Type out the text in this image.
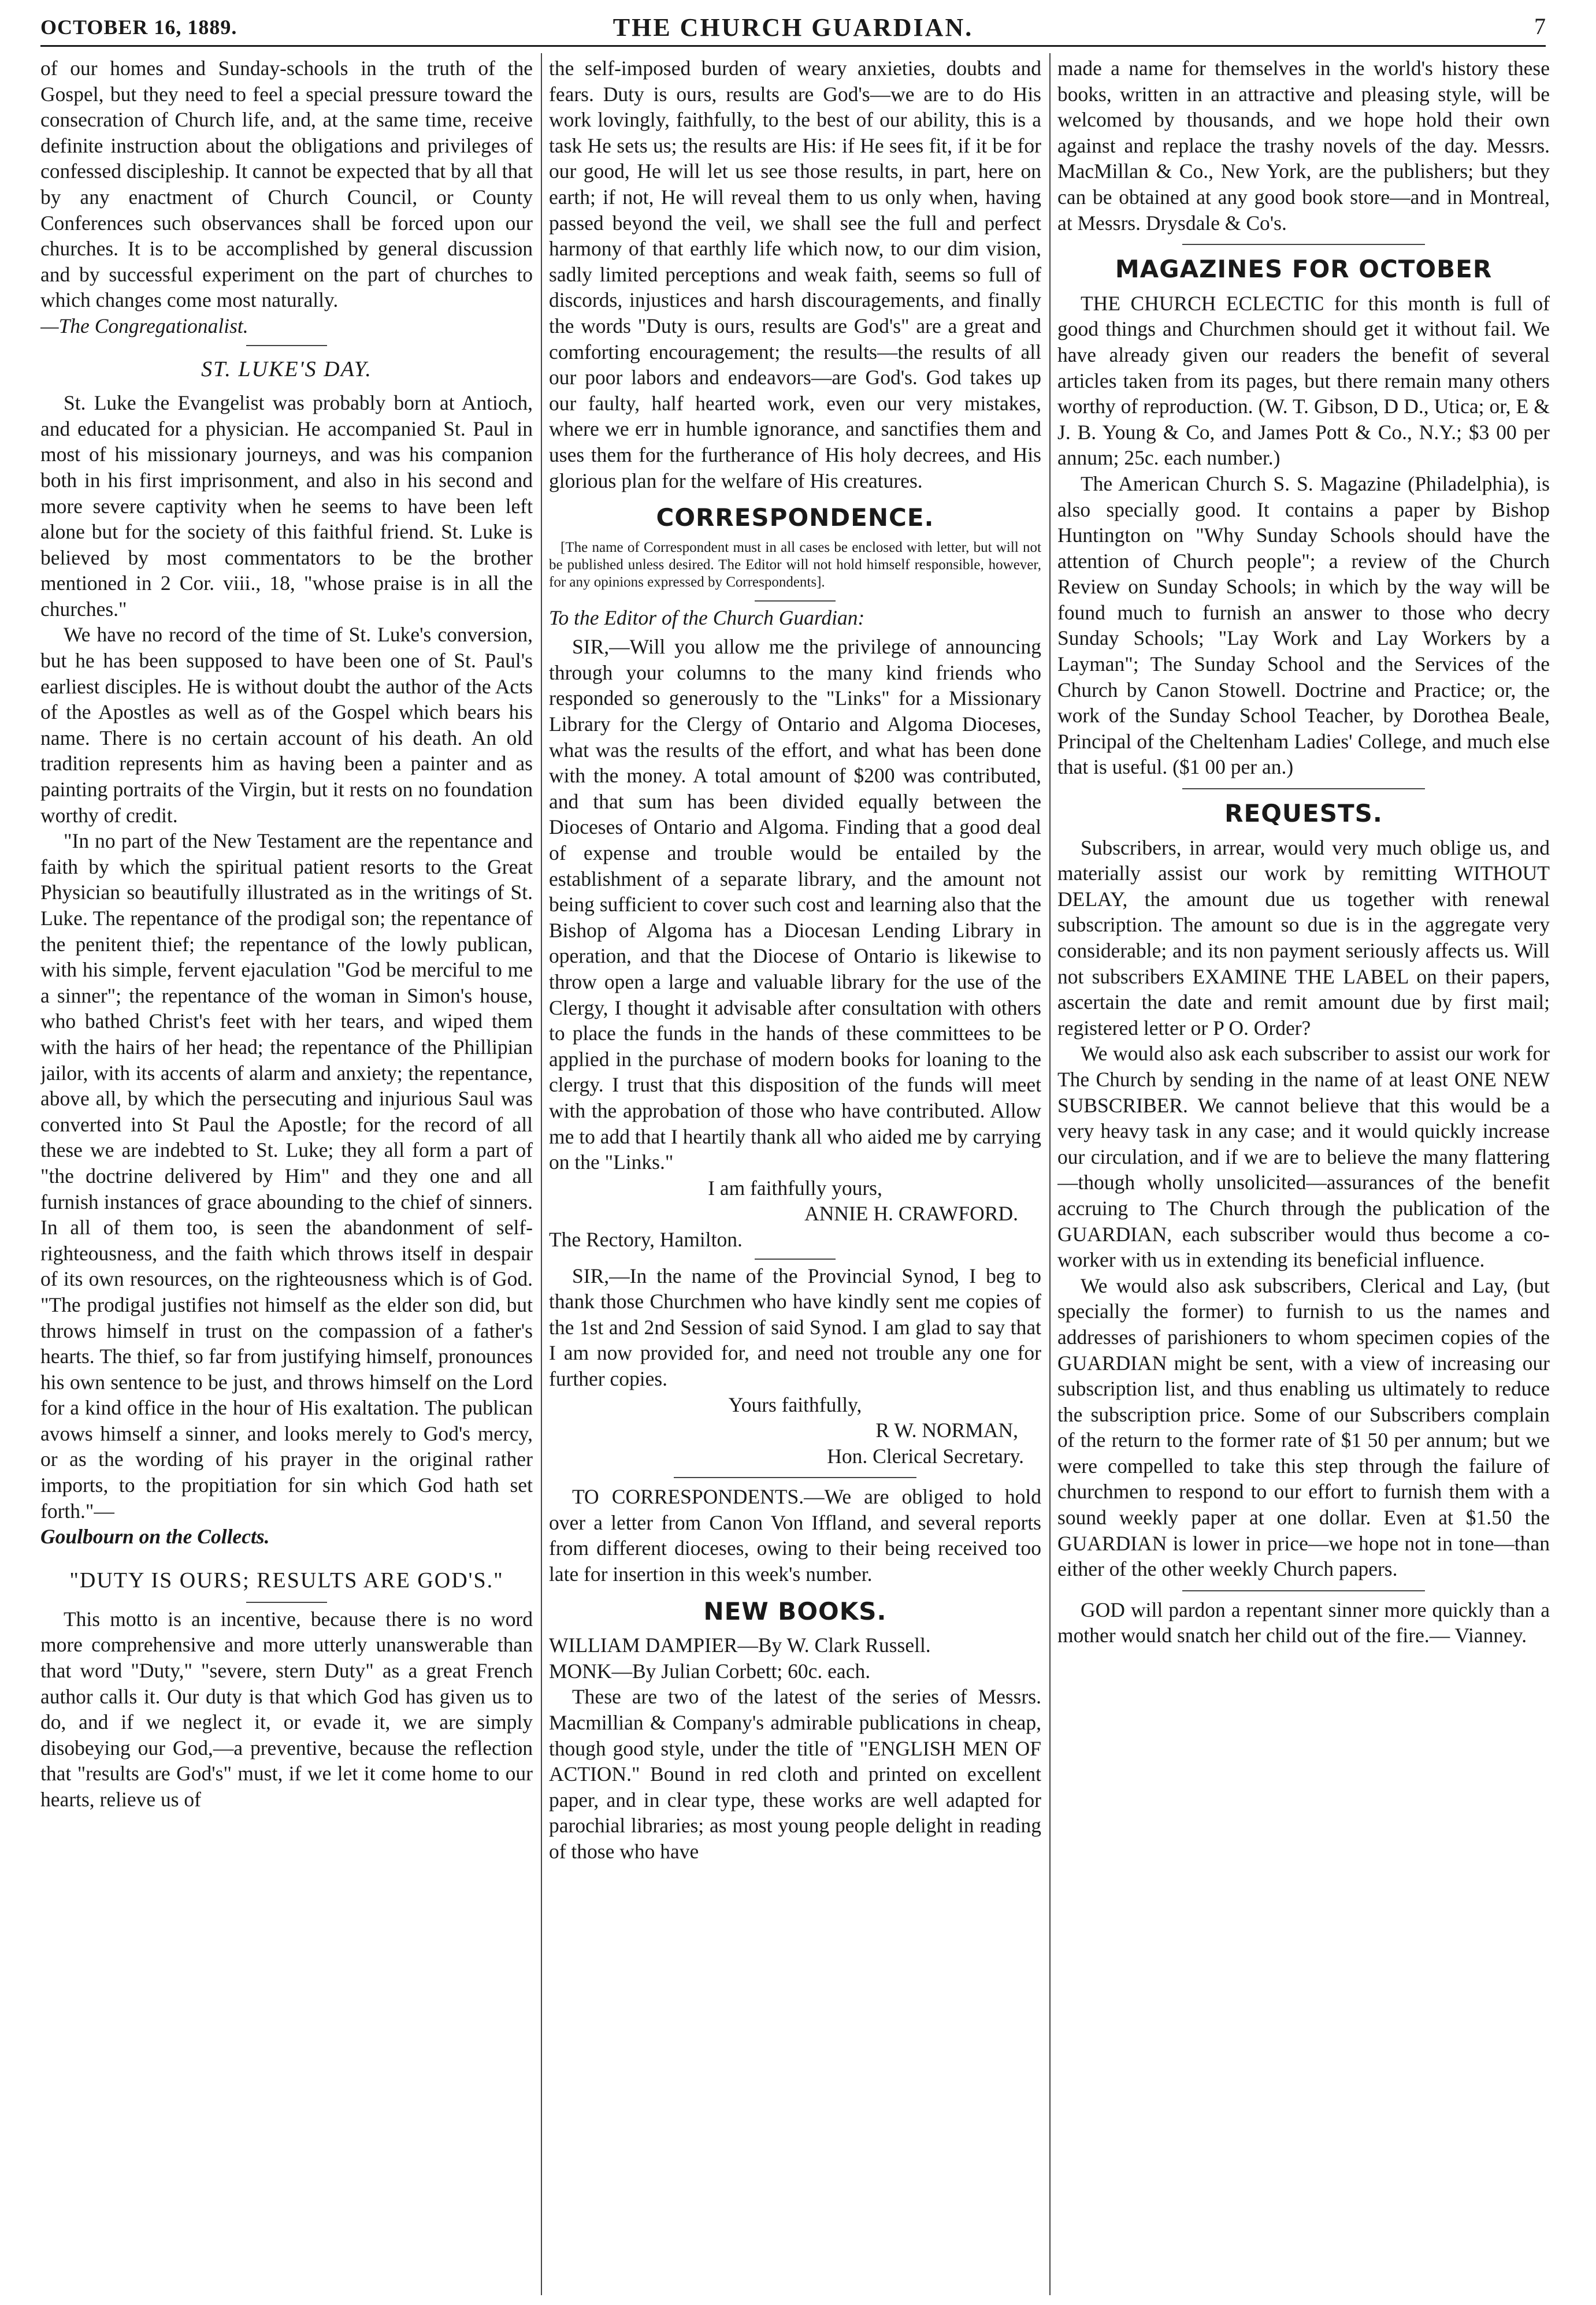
OCTOBER 16, 1889.	THE CHURCH GUARDIAN.	7

of our homes and Sunday-schools in the truth of the Gospel, but they need to feel a special pressure toward the consecration of Church life, and, at the same time, receive definite instruction about the obligations and privileges of confessed discipleship. It cannot be expected that by all that by any enactment of Church Council, or County Conferences such observances shall be forced upon our churches. It is to be accomplished by general discussion and by successful experiment on the part of churches to which changes come most naturally.

—The Congregationalist.

ST. LUKE'S DAY.

St. Luke the Evangelist was probably born at Antioch, and educated for a physician. He accompanied St. Paul in most of his missionary journeys, and was his companion both in his first imprisonment, and also in his second and more severe captivity when he seems to have been left alone but for the society of this faithful friend. St. Luke is believed by most commentators to be the brother mentioned in 2 Cor. viii., 18, "whose praise is in all the churches."

We have no record of the time of St. Luke's conversion, but he has been supposed to have been one of St. Paul's earliest disciples. He is without doubt the author of the Acts of the Apostles as well as of the Gospel which bears his name. There is no certain account of his death. An old tradition represents him as having been a painter and as painting portraits of the Virgin, but it rests on no foundation worthy of credit.

"In no part of the New Testament are the repentance and faith by which the spiritual patient resorts to the Great Physician so beautifully illustrated as in the writings of St. Luke. The repentance of the prodigal son; the repentance of the penitent thief; the repentance of the lowly publican, with his simple, fervent ejaculation "God be merciful to me a sinner"; the repentance of the woman in Simon's house, who bathed Christ's feet with her tears, and wiped them with the hairs of her head; the repentance of the Phillipian jailor, with its accents of alarm and anxiety; the repentance, above all, by which the persecuting and injurious Saul was converted into St Paul the Apostle; for the record of all these we are indebted to St. Luke; they all form a part of "the doctrine delivered by Him" and they one and all furnish instances of grace abounding to the chief of sinners. In all of them too, is seen the abandonment of self-righteousness, and the faith which throws itself in despair of its own resources, on the righteousness which is of God. "The prodigal justifies not himself as the elder son did, but throws himself in trust on the compassion of a father's hearts. The thief, so far from justifying himself, pronounces his own sentence to be just, and throws himself on the Lord for a kind office in the hour of His exaltation. The publican avows himself a sinner, and looks merely to God's mercy, or as the wording of his prayer in the original rather imports, to the propitiation for sin which God hath set forth."—

Goulbourn on the Collects.

"DUTY IS OURS; RESULTS ARE GOD'S."

This motto is an incentive, because there is no word more comprehensive and more utterly unanswerable than that word "Duty," "severe, stern Duty" as a great French author calls it. Our duty is that which God has given us to do, and if we neglect it, or evade it, we are simply disobeying our God,—a preventive, because the reflection that "results are God's" must, if we let it come home to our hearts, relieve us of

the self-imposed burden of weary anxieties, doubts and fears. Duty is ours, results are God's—we are to do His work lovingly, faithfully, to the best of our ability, this is a task He sets us; the results are His: if He sees fit, if it be for our good, He will let us see those results, in part, here on earth; if not, He will reveal them to us only when, having passed beyond the veil, we shall see the full and perfect harmony of that earthly life which now, to our dim vision, sadly limited perceptions and weak faith, seems so full of discords, injustices and harsh discouragements, and finally the words "Duty is ours, results are God's" are a great and comforting encouragement; the results—the results of all our poor labors and endeavors—are God's. God takes up our faulty, half hearted work, even our very mistakes, where we err in humble ignorance, and sanctifies them and uses them for the furtherance of His holy decrees, and His glorious plan for the welfare of His creatures.

CORRESPONDENCE.

[The name of Correspondent must in all cases be enclosed with letter, but will not be published unless desired. The Editor will not hold himself responsible, however, for any opinions expressed by Correspondents].

To the Editor of the Church Guardian:

SIR,—Will you allow me the privilege of announcing through your columns to the many kind friends who responded so generously to the "Links" for a Missionary Library for the Clergy of Ontario and Algoma Dioceses, what was the results of the effort, and what has been done with the money. A total amount of $200 was contributed, and that sum has been divided equally between the Dioceses of Ontario and Algoma. Finding that a good deal of expense and trouble would be entailed by the establishment of a separate library, and the amount not being sufficient to cover such cost and learning also that the Bishop of Algoma has a Diocesan Lending Library in operation, and that the Diocese of Ontario is likewise to throw open a large and valuable library for the use of the Clergy, I thought it advisable after consultation with others to place the funds in the hands of these committees to be applied in the purchase of modern books for loaning to the clergy. I trust that this disposition of the funds will meet with the approbation of those who have contributed. Allow me to add that I heartily thank all who aided me by carrying on the "Links."

I am faithfully yours,

ANNIE H. CRAWFORD.

The Rectory, Hamilton.

SIR,—In the name of the Provincial Synod, I beg to thank those Churchmen who have kindly sent me copies of the 1st and 2nd Session of said Synod. I am glad to say that I am now provided for, and need not trouble any one for further copies.

Yours faithfully,

R W. NORMAN,

Hon. Clerical Secretary.

TO CORRESPONDENTS.—We are obliged to hold over a letter from Canon Von Iffland, and several reports from different dioceses, owing to their being received too late for insertion in this week's number.

NEW BOOKS.

WILLIAM DAMPIER—By W. Clark Russell.

MONK—By Julian Corbett; 60c. each.

These are two of the latest of the series of Messrs. Macmillian & Company's admirable publications in cheap, though good style, under the title of "ENGLISH MEN OF ACTION." Bound in red cloth and printed on excellent paper, and in clear type, these works are well adapted for parochial libraries; as most young people delight in reading of those who have

made a name for themselves in the world's history these books, written in an attractive and pleasing style, will be welcomed by thousands, and we hope hold their own against and replace the trashy novels of the day. Messrs. MacMillan & Co., New York, are the publishers; but they can be obtained at any good book store—and in Montreal, at Messrs. Drysdale & Co's.

MAGAZINES FOR OCTOBER

THE CHURCH ECLECTIC for this month is full of good things and Churchmen should get it without fail. We have already given our readers the benefit of several articles taken from its pages, but there remain many others worthy of reproduction. (W. T. Gibson, D D., Utica; or, E & J. B. Young & Co, and James Pott & Co., N.Y.; $3 00 per annum; 25c. each number.)

The American Church S. S. Magazine (Philadelphia), is also specially good. It contains a paper by Bishop Huntington on "Why Sunday Schools should have the attention of Church people"; a review of the Church Review on Sunday Schools; in which by the way will be found much to furnish an answer to those who decry Sunday Schools; "Lay Work and Lay Workers by a Layman"; The Sunday School and the Services of the Church by Canon Stowell. Doctrine and Practice; or, the work of the Sunday School Teacher, by Dorothea Beale, Principal of the Cheltenham Ladies' College, and much else that is useful. ($1 00 per an.)

REQUESTS.

Subscribers, in arrear, would very much oblige us, and materially assist our work by remitting WITHOUT DELAY, the amount due us together with renewal subscription. The amount so due is in the aggregate very considerable; and its non payment seriously affects us. Will not subscribers EXAMINE THE LABEL on their papers, ascertain the date and remit amount due by first mail; registered letter or P O. Order?

We would also ask each subscriber to assist our work for The Church by sending in the name of at least ONE NEW SUBSCRIBER. We cannot believe that this would be a very heavy task in any case; and it would quickly increase our circulation, and if we are to believe the many flattering—though wholly unsolicited—assurances of the benefit accruing to The Church through the publication of the GUARDIAN, each subscriber would thus become a co-worker with us in extending its beneficial influence.

We would also ask subscribers, Clerical and Lay, (but specially the former) to furnish to us the names and addresses of parishioners to whom specimen copies of the GUARDIAN might be sent, with a view of increasing our subscription list, and thus enabling us ultimately to reduce the subscription price. Some of our Subscribers complain of the return to the former rate of $1 50 per annum; but we were compelled to take this step through the failure of churchmen to respond to our effort to furnish them with a sound weekly paper at one dollar. Even at $1.50 the GUARDIAN is lower in price—we hope not in tone—than either of the other weekly Church papers.

GOD will pardon a repentant sinner more quickly than a mother would snatch her child out of the fire.— Vianney.
